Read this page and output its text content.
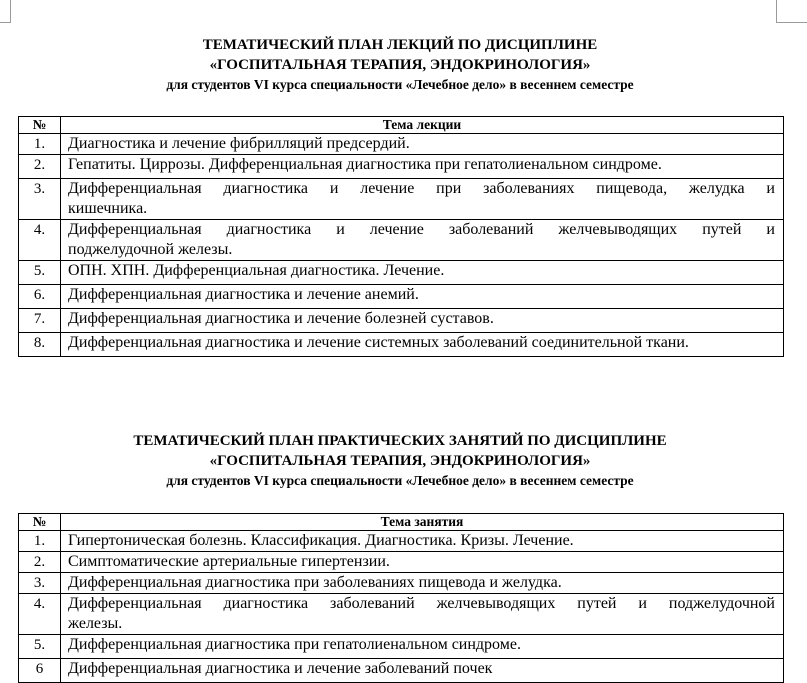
ТЕМАТИЧЕСКИЙ ПЛАН ЛЕКЦИЙ ПО ДИСЦИПЛИНЕ
«ГОСПИТАЛЬНАЯ ТЕРАПИЯ, ЭНДОКРИНОЛОГИЯ»
для студентов VI курса специальности «Лечебное дело» в весеннем семестре
№	Тема лекции
1.	Диагностика и лечение фибрилляций предсердий.
2.	Гепатиты. Циррозы. Дифференциальная диагностика при гепатолиенальном синдроме.
3.	Дифференциальная диагностика и лечение при заболеваниях пищевода, желудка и
кишечника.

4.	Дифференциальная диагностика и лечение заболеваний желчевыводящих путей и
поджелудочной железы.

5.	ОПН. ХПН. Дифференциальная диагностика. Лечение.
6.	Дифференциальная диагностика и лечение анемий.
7.	Дифференциальная диагностика и лечение болезней суставов.
8.	Дифференциальная диагностика и лечение системных заболеваний соединительной ткани.
ТЕМАТИЧЕСКИЙ ПЛАН ПРАКТИЧЕСКИХ ЗАНЯТИЙ ПО ДИСЦИПЛИНЕ
«ГОСПИТАЛЬНАЯ ТЕРАПИЯ, ЭНДОКРИНОЛОГИЯ»
для студентов VI курса специальности «Лечебное дело» в весеннем семестре
№	Тема занятия
1.	Гипертоническая болезнь. Классификация. Диагностика. Кризы. Лечение.
2.	Симптоматические артериальные гипертензии.
3.	Дифференциальная диагностика при заболеваниях пищевода и желудка.
4.	Дифференциальная диагностика заболеваний желчевыводящих путей и поджелудочной
железы.

5.	Дифференциальная диагностика при гепатолиенальном синдроме.
6	Дифференциальная диагностика и лечение заболеваний почек
